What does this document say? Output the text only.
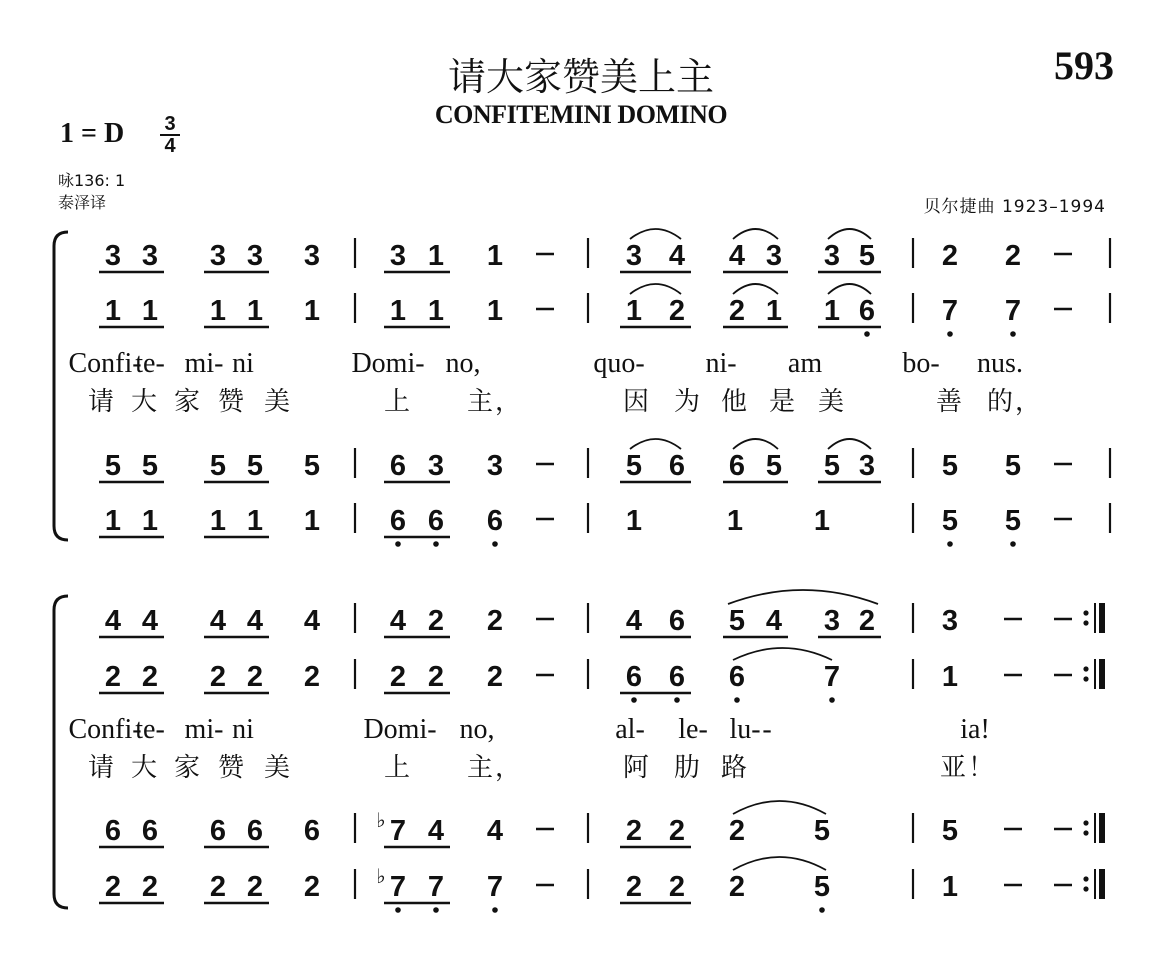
请大家赞美上主
CONFITEMINI DOMINO
593
1 = D	3
4
咏136: 1
泰泽译	贝尔捷曲 1923–1994
3 3 3 3 3 3 1 1	3 4 4 3 3 5 2 2
1 1 1 1 1 1 1 1	1 2 2 1 1 6 7 7
Confi-
te- mi- ni	Domi- no,	quo- ni- am	bo- nus.
请 大 家 赞 美	上 主，	因 为 他 是 美	善 的，
5 5 5 5 5 6 3 3	5 6 6 5 5 3 5 5
1 1 1 1 1 6 6 6	1	1 1	5 5
4 4 4 4 4 4 2 2	4 6 5 4 3 2 3
2 2 2 2 2 2 2 2	6 6 6	7	1
Confi-
te- mi- ni	Domi- no,	al- le- lu- -	ia!
请 大 家 赞 美	上 主，	阿 肋 路	亚！
6 6 6 6 6 7
♭ 4 4	2 2 2 5	5
2 2 2 2 2 7
♭ 7 7	2 2 2 5	1
